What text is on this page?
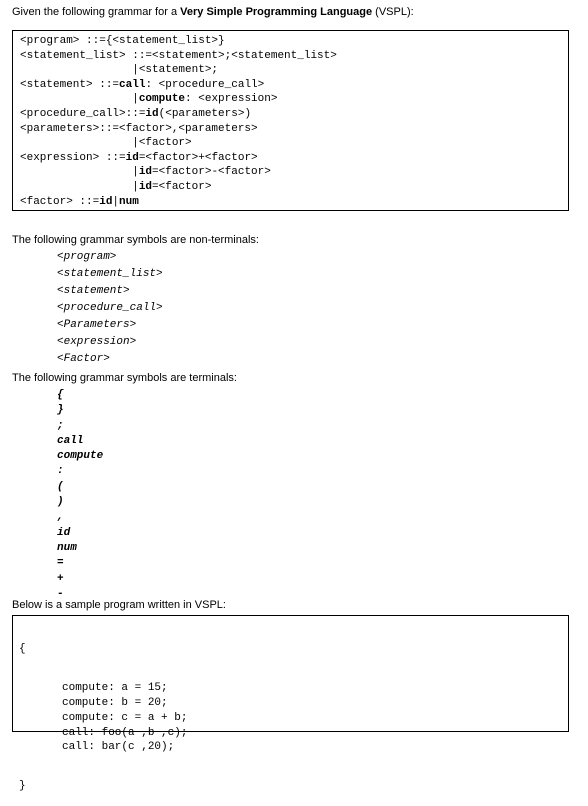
Given the following grammar for a Very Simple Programming Language (VSPL):
<program> ::={<statement_list>}
<statement_list> ::=<statement>;<statement_list>
|<statement>;
<statement> ::=call: <procedure_call>
|compute: <expression>
<procedure_call>::=id(<parameters>)
<parameters>::=<factor>,<parameters>
|<factor>
<expression> ::=id=<factor>+<factor>
|id=<factor>-<factor>
|id=<factor>
<factor> ::=id|num
The following grammar symbols are non-terminals:
<program>
<statement_list>
<statement>
<procedure_call>
<Parameters>
<expression>
<Factor>
The following grammar symbols are terminals:
{
}
;
call
compute
:
(
)
,
id
num
=
+
-
Below is a sample program written in VSPL:

{

compute: a = 15;
compute: b = 20;
compute: c = a + b;
call: foo(a ,b ,c);
call: bar(c ,20);

}
